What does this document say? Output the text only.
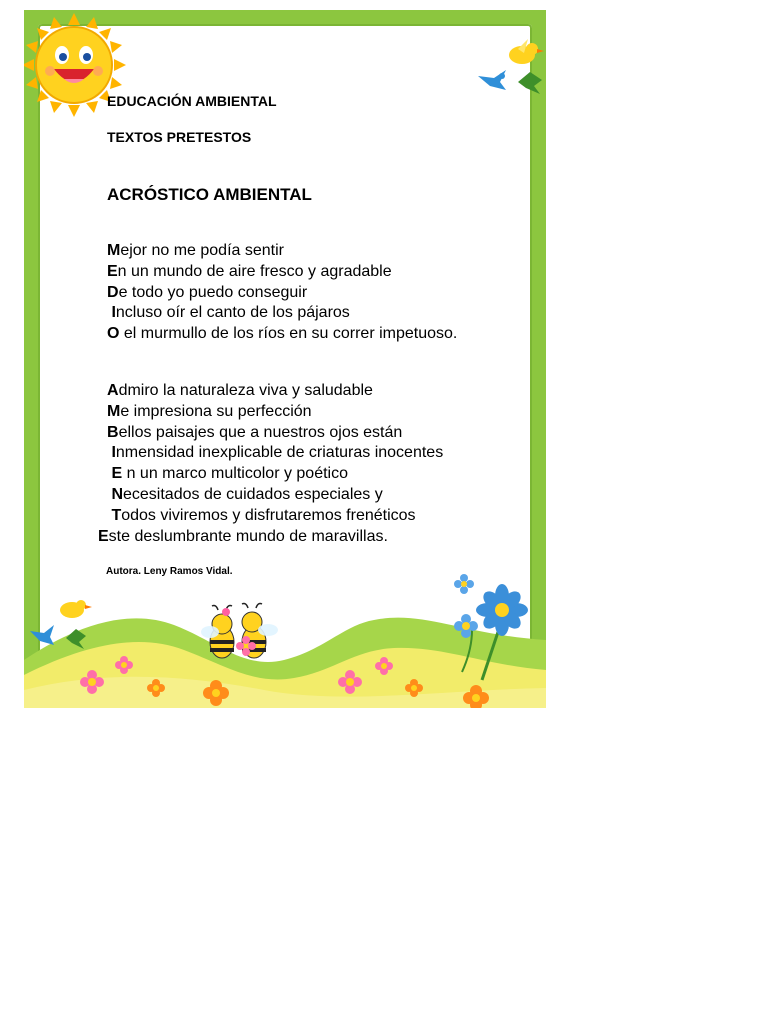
EDUCACIÓN AMBIENTAL
TEXTOS PRETESTOS
ACRÓSTICO AMBIENTAL
Mejor no me podía sentir
En un mundo de aire fresco y agradable
De todo yo puedo conseguir
Incluso oír el canto de los pájaros
O el murmullo de los ríos en su correr impetuoso.
Admiro la naturaleza viva y saludable
Me impresiona su perfección
Bellos paisajes que a nuestros ojos están
Inmensidad inexplicable de criaturas inocentes
E n un marco multicolor y poético
Necesitados de cuidados especiales y
Todos viviremos y disfrutaremos frenéticos
Este deslumbrante mundo de maravillas.
Autora. Leny Ramos Vidal.
